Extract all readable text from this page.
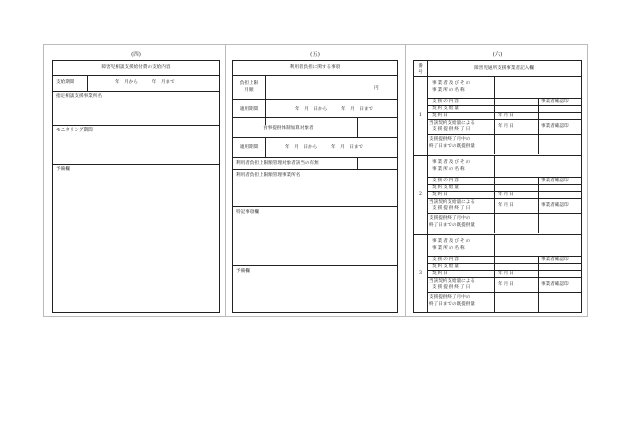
(四)
障害児相談支援給付費の支給内容
支給期間	年　月から　　　年　月まで
指定相談支援事業所名
モニタリング期間
予備欄
(五)
利用者負担に関する事項
負担上限
月額	円
適用期間	年　月　日から　　　年　月　日まで
食事提供体制加算対象者
適用期間	年　月　日から　　　年　月　日まで
利用者負担上限額管理対象者該当の有無
利用者負担上限額管理事業所名
特記事項欄
予備欄
(六)
番
号
障害児通所支援事業者記入欄
1
事業者及びその
事業所の名称
支援の内容	事業者確認印
契約支給量
契約日	年月日
当該契約支給量による
支援提供終了日
年月日	事業者確認印
支援提供終了月中の
終了日までの既提供量
2
事業者及びその
事業所の名称
支援の内容	事業者確認印
契約支給量
契約日	年月日
当該契約支給量による
支援提供終了日
年月日	事業者確認印
支援提供終了月中の
終了日までの既提供量
3
事業者及びその
事業所の名称
支援の内容	事業者確認印
契約支給量
契約日	年月日
当該契約支給量による
支援提供終了日
年月日	事業者確認印
支援提供終了月中の
終了日までの既提供量
